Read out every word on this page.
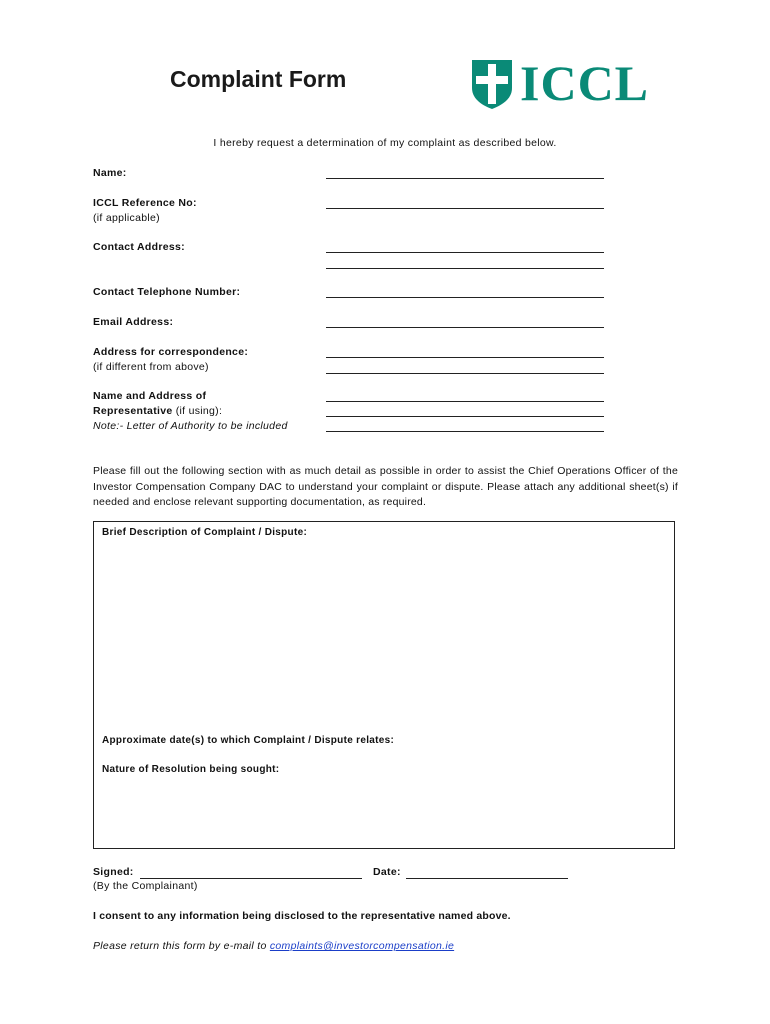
Complaint Form	ICCL
I hereby request a determination of my complaint as described below.
Name:
ICCL Reference No:
(if applicable)
Contact Address:
Contact Telephone Number:
Email Address:
Address for correspondence:
(if different from above)
Name and Address of
Representative (if using):
Note:- Letter of Authority to be included
Please fill out the following section with as much detail as possible in order to assist the Chief Operations Officer of the Investor Compensation Company DAC to understand your complaint or dispute. Please attach any additional sheet(s) if needed and enclose relevant supporting documentation, as required.
Brief Description of Complaint / Dispute:
Approximate date(s) to which Complaint / Dispute relates:
Nature of Resolution being sought:
Signed:	Date:
(By the Complainant)
I consent to any information being disclosed to the representative named above.
Please return this form by e-mail to complaints@investorcompensation.ie
